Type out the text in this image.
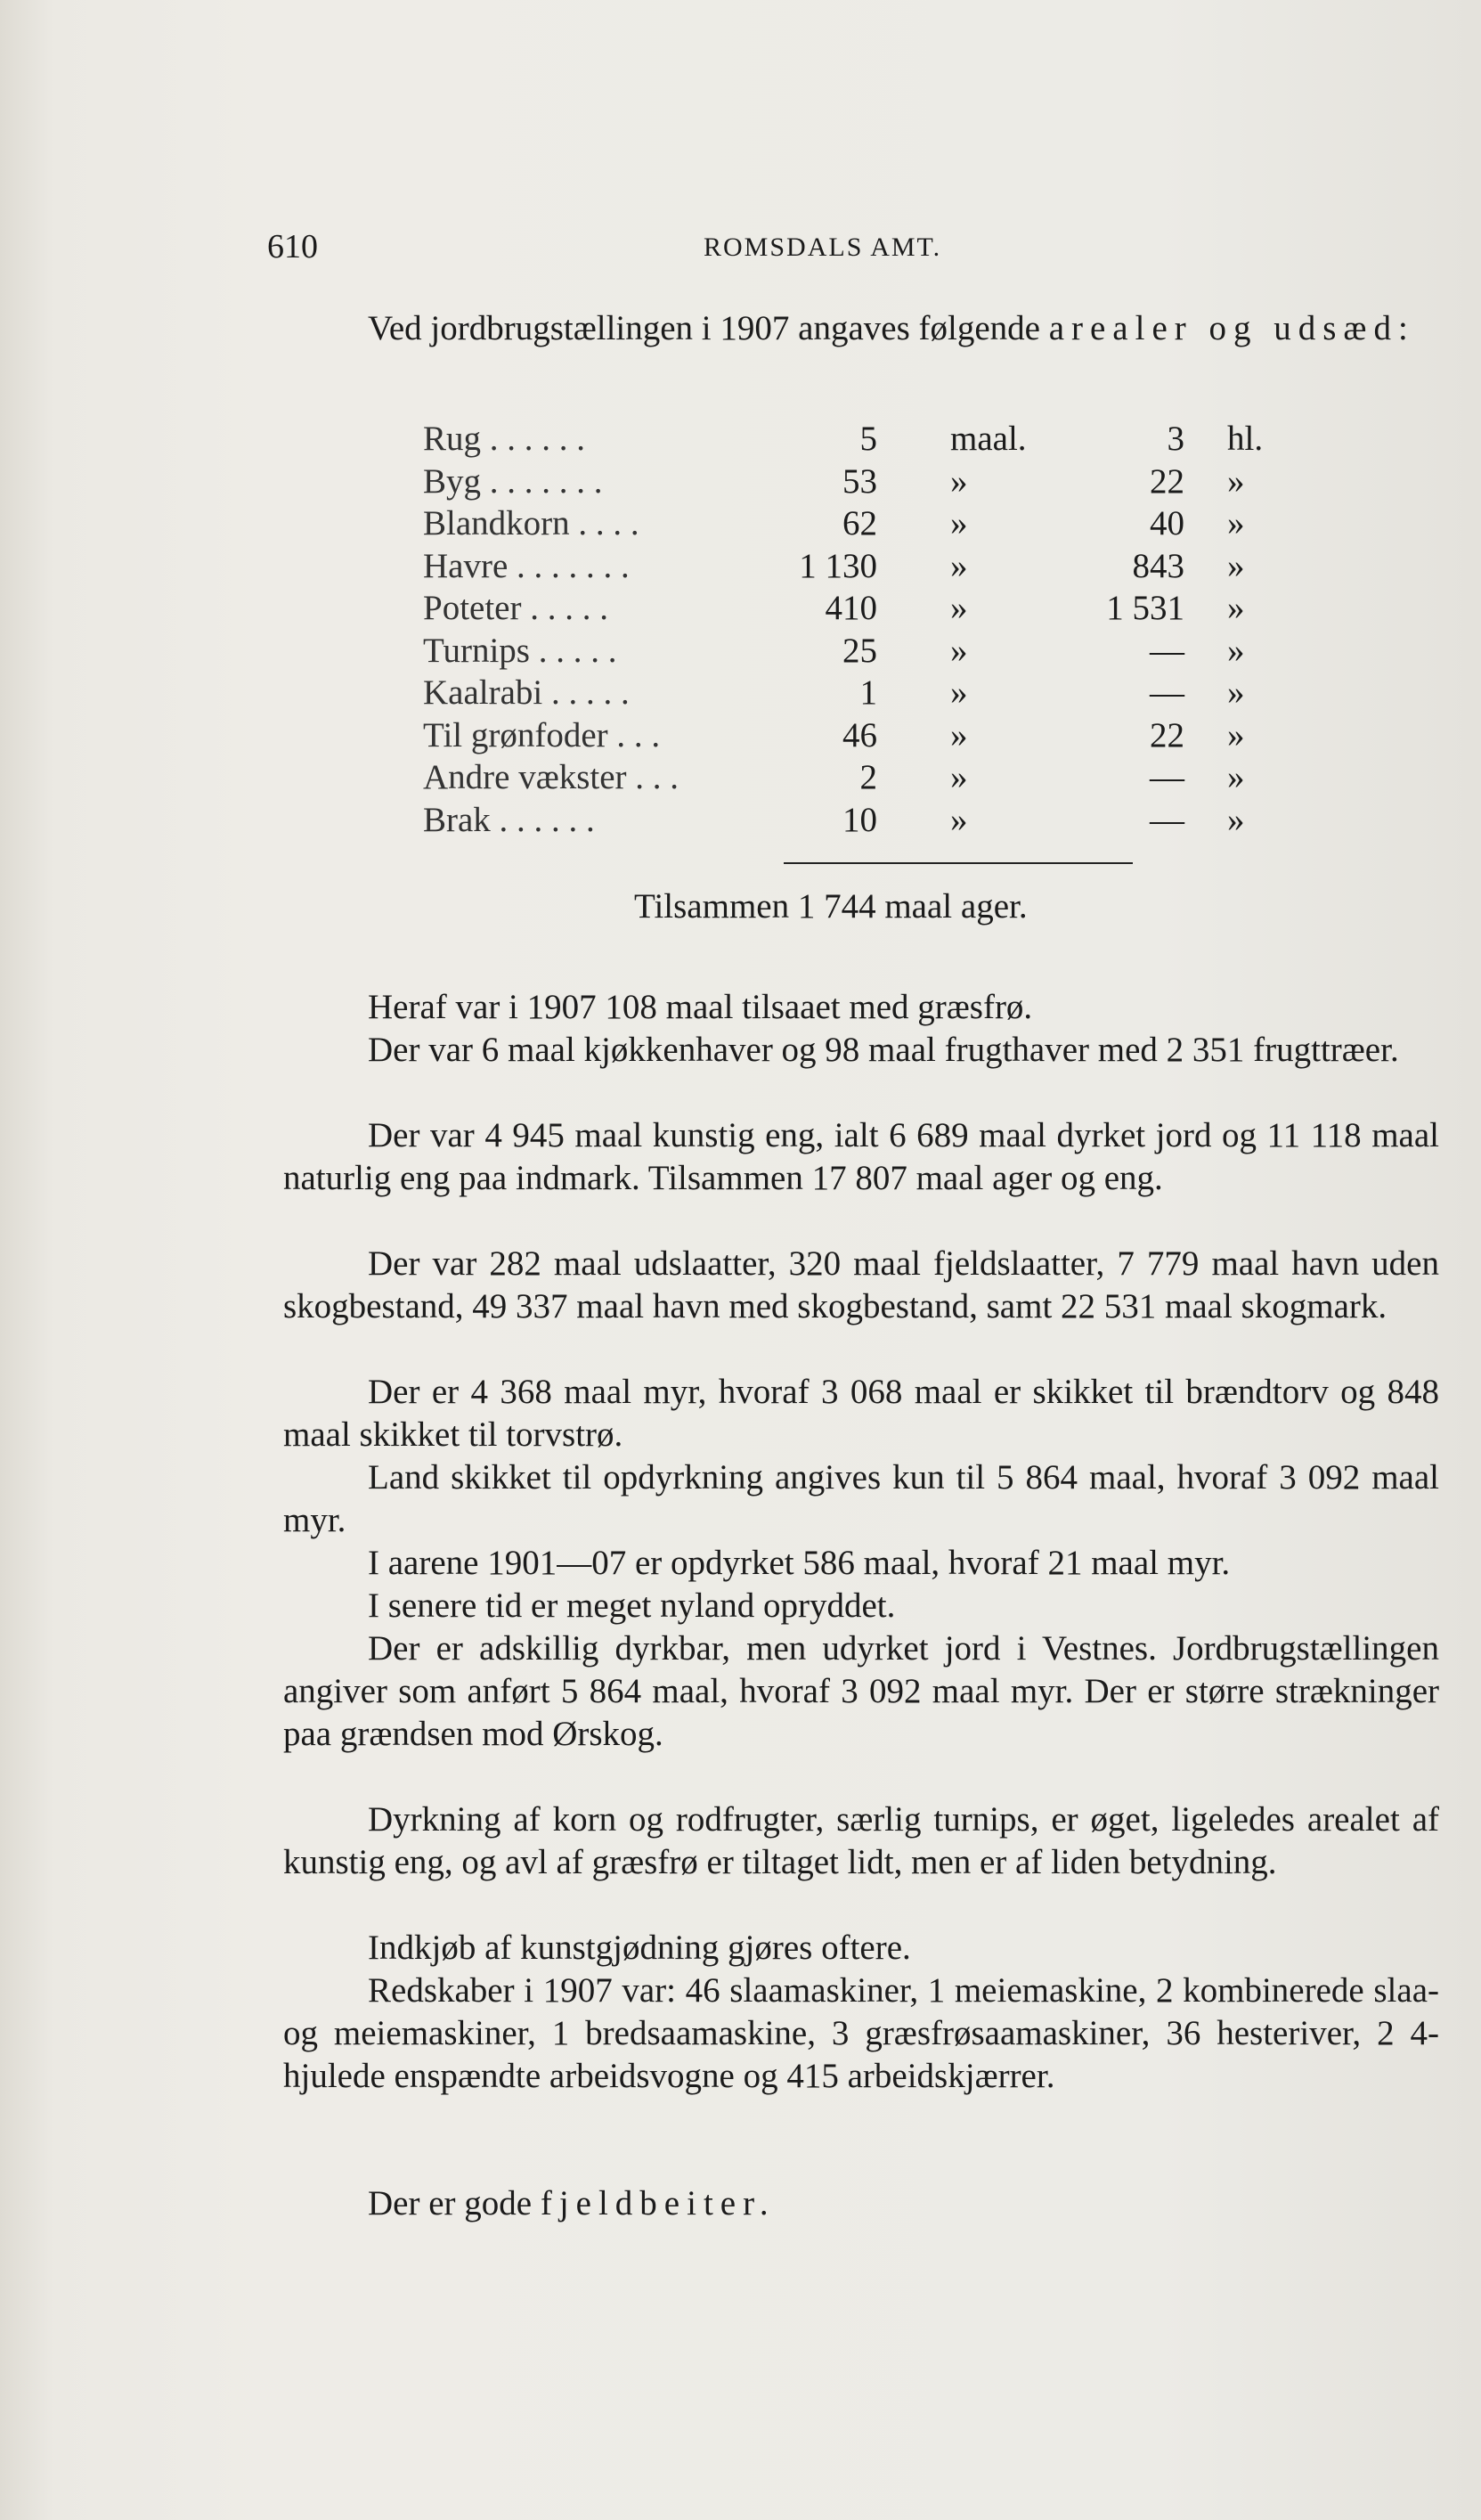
610	ROMSDALS AMT.

Ved jordbrugstællingen i 1907 angaves følgende arealer og udsæd:

Rug . . . . . .	5 maal.	3 hl.
Byg . . . . . . .	53 »	22 »
Blandkorn . . . .	62 »	40 »
Havre . . . . . . .	1 130 »	843 »
Poteter . . . . .	410 »	1 531 »
Turnips . . . . .	25 »	— »
Kaalrabi . . . . .	1 »	— »
Til grønfoder . . .	46 »	22 »
Andre vækster . . .	2 »	— »
Brak . . . . . .	10 »	— »
Tilsammen 1 744 maal ager.

Heraf var i 1907 108 maal tilsaaet med græsfrø.

Der var 6 maal kjøkkenhaver og 98 maal frugthaver med 2 351 frugttræer.

Der var 4 945 maal kunstig eng, ialt 6 689 maal dyrket jord og 11 118 maal naturlig eng paa indmark. Tilsammen 17 807 maal ager og eng.

Der var 282 maal udslaatter, 320 maal fjeldslaatter, 7 779 maal havn uden skogbestand, 49 337 maal havn med skogbestand, samt 22 531 maal skogmark.

Der er 4 368 maal myr, hvoraf 3 068 maal er skikket til brændtorv og 848 maal skikket til torvstrø.

Land skikket til opdyrkning angives kun til 5 864 maal, hvoraf 3 092 maal myr.

I aarene 1901—07 er opdyrket 586 maal, hvoraf 21 maal myr.

I senere tid er meget nyland opryddet.

Der er adskillig dyrkbar, men udyrket jord i Vestnes. Jordbrugstællingen angiver som anført 5 864 maal, hvoraf 3 092 maal myr. Der er større strækninger paa grændsen mod Ørskog.

Dyrkning af korn og rodfrugter, særlig turnips, er øget, ligeledes arealet af kunstig eng, og avl af græsfrø er tiltaget lidt, men er af liden betydning.

Indkjøb af kunstgjødning gjøres oftere.

Redskaber i 1907 var: 46 slaamaskiner, 1 meiemaskine, 2 kombinerede slaa- og meiemaskiner, 1 bredsaamaskine, 3 græsfrøsaamaskiner, 36 hesteriver, 2 4-hjulede enspændte arbeidsvogne og 415 arbeidskjærrer.

Der er gode fjeldbeiter.
